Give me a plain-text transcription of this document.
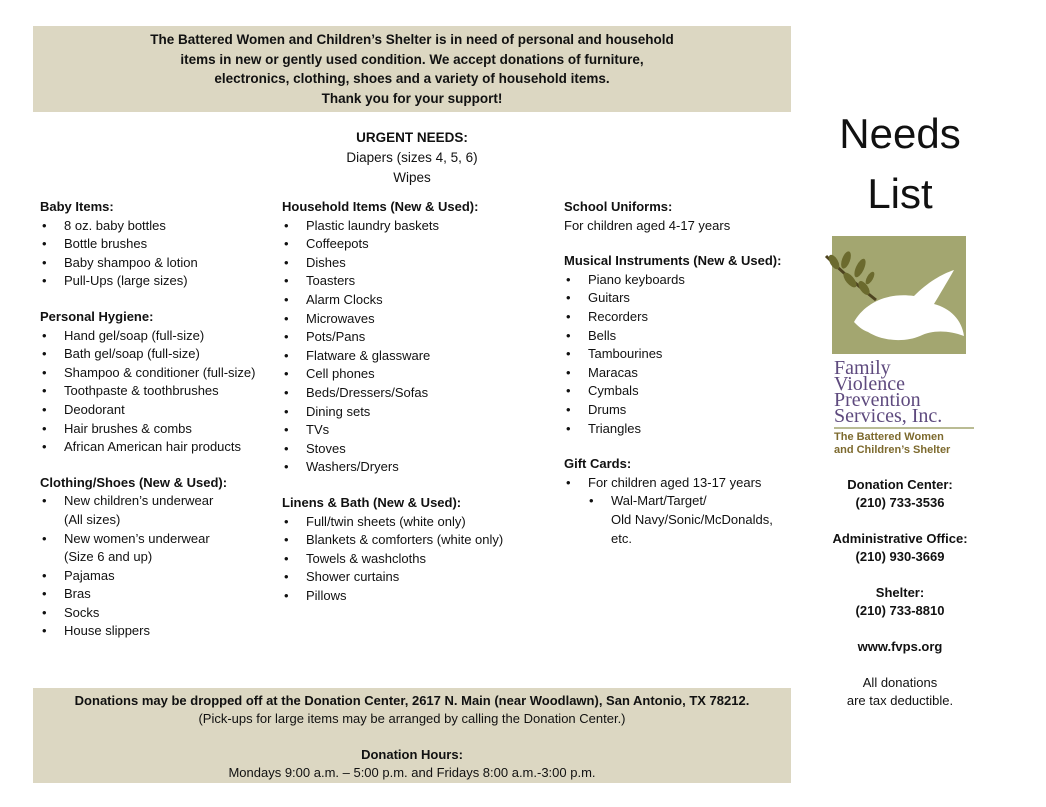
The Battered Women and Children’s Shelter is in need of personal and household
items in new or gently used condition. We accept donations of furniture,
electronics, clothing, shoes and a variety of household items.
Thank you for your support!
URGENT NEEDS:
Diapers (sizes 4, 5, 6)
Wipes
Baby Items:
• 8 oz. baby bottles
• Bottle brushes
• Baby shampoo & lotion
• Pull-Ups (large sizes)
Personal Hygiene:
• Hand gel/soap (full-size)
• Bath gel/soap (full-size)
• Shampoo & conditioner (full-size)
• Toothpaste & toothbrushes
• Deodorant
• Hair brushes & combs
• African American hair products
Clothing/Shoes (New & Used):
• New children’s underwear
(All sizes)
• New women’s underwear
(Size 6 and up)
• Pajamas
• Bras
• Socks
• House slippers
Household Items (New & Used):
• Plastic laundry baskets
• Coffeepots
• Dishes
• Toasters
• Alarm Clocks
• Microwaves
• Pots/Pans
• Flatware & glassware
• Cell phones
• Beds/Dressers/Sofas
• Dining sets
• TVs
• Stoves
• Washers/Dryers
Linens & Bath (New & Used):
• Full/twin sheets (white only)
• Blankets & comforters (white only)
• Towels & washcloths
• Shower curtains
• Pillows
School Uniforms:
For children aged 4-17 years
Musical Instruments (New & Used):
• Piano keyboards
• Guitars
• Recorders
• Bells
• Tambourines
• Maracas
• Cymbals
• Drums
• Triangles
Gift Cards:
• For children aged 13-17 years
• Wal-Mart/Target/
Old Navy/Sonic/McDonalds,
etc.
Needs
List
Family
Violence
Prevention
Services, Inc.
The Battered Women
and Children’s Shelter
Donation Center:
(210) 733-3536
Administrative Office:
(210) 930-3669
Shelter:
(210) 733-8810
www.fvps.org
All donations
are tax deductible.
Donations may be dropped off at the Donation Center, 2617 N. Main (near Woodlawn), San Antonio, TX 78212.
(Pick-ups for large items may be arranged by calling the Donation Center.)
Donation Hours:
Mondays 9:00 a.m. – 5:00 p.m. and Fridays 8:00 a.m.-3:00 p.m.
